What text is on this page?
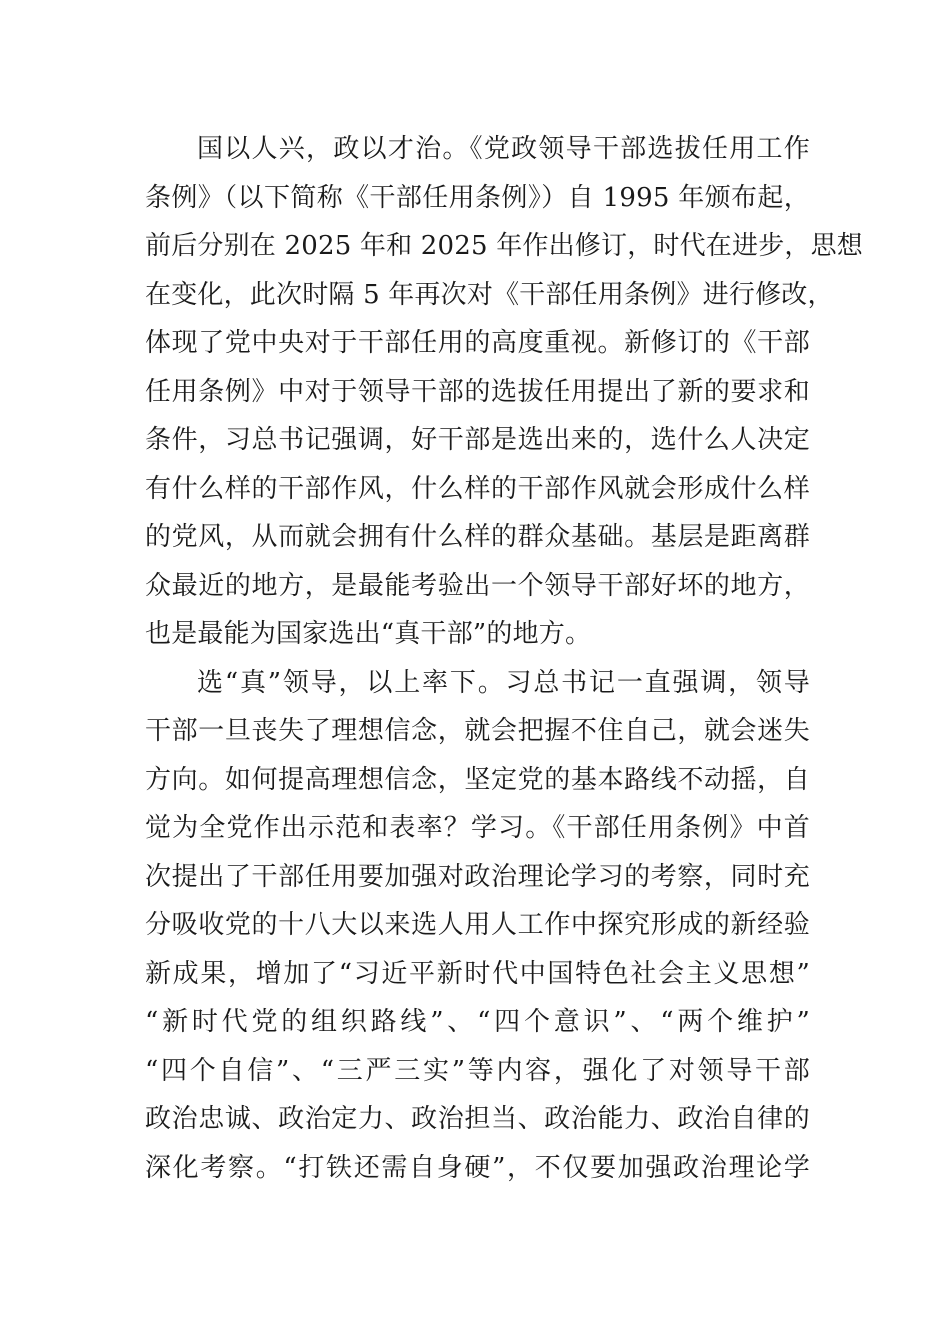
国以人兴，政以才治。《党政领导干部选拔任用工作
条例》（以下简称《干部任用条例》）自 1995 年颁布起，
前后分别在 2025 年和 2025 年作出修订，时代在进步，思想
在变化，此次时隔 5 年再次对《干部任用条例》进行修改，
体现了党中央对于干部任用的高度重视。新修订的《干部
任用条例》中对于领导干部的选拔任用提出了新的要求和
条件，习总书记强调，好干部是选出来的，选什么人决定
有什么样的干部作风，什么样的干部作风就会形成什么样
的党风，从而就会拥有什么样的群众基础。基层是距离群
众最近的地方，是最能考验出一个领导干部好坏的地方，
也是最能为国家选出“真干部”的地方。
选“真”领导，以上率下。习总书记一直强调，领导
干部一旦丧失了理想信念，就会把握不住自己，就会迷失
方向。如何提高理想信念，坚定党的基本路线不动摇，自
觉为全党作出示范和表率？学习。《干部任用条例》中首
次提出了干部任用要加强对政治理论学习的考察，同时充
分吸收党的十八大以来选人用人工作中探究形成的新经验
新成果，增加了“习近平新时代中国特色社会主义思想”
“新时代党的组织路线”、“四个意识”、“两个维护”
“四个自信”、“三严三实”等内容，强化了对领导干部
政治忠诚、政治定力、政治担当、政治能力、政治自律的
深化考察。“打铁还需自身硬”，不仅要加强政治理论学
